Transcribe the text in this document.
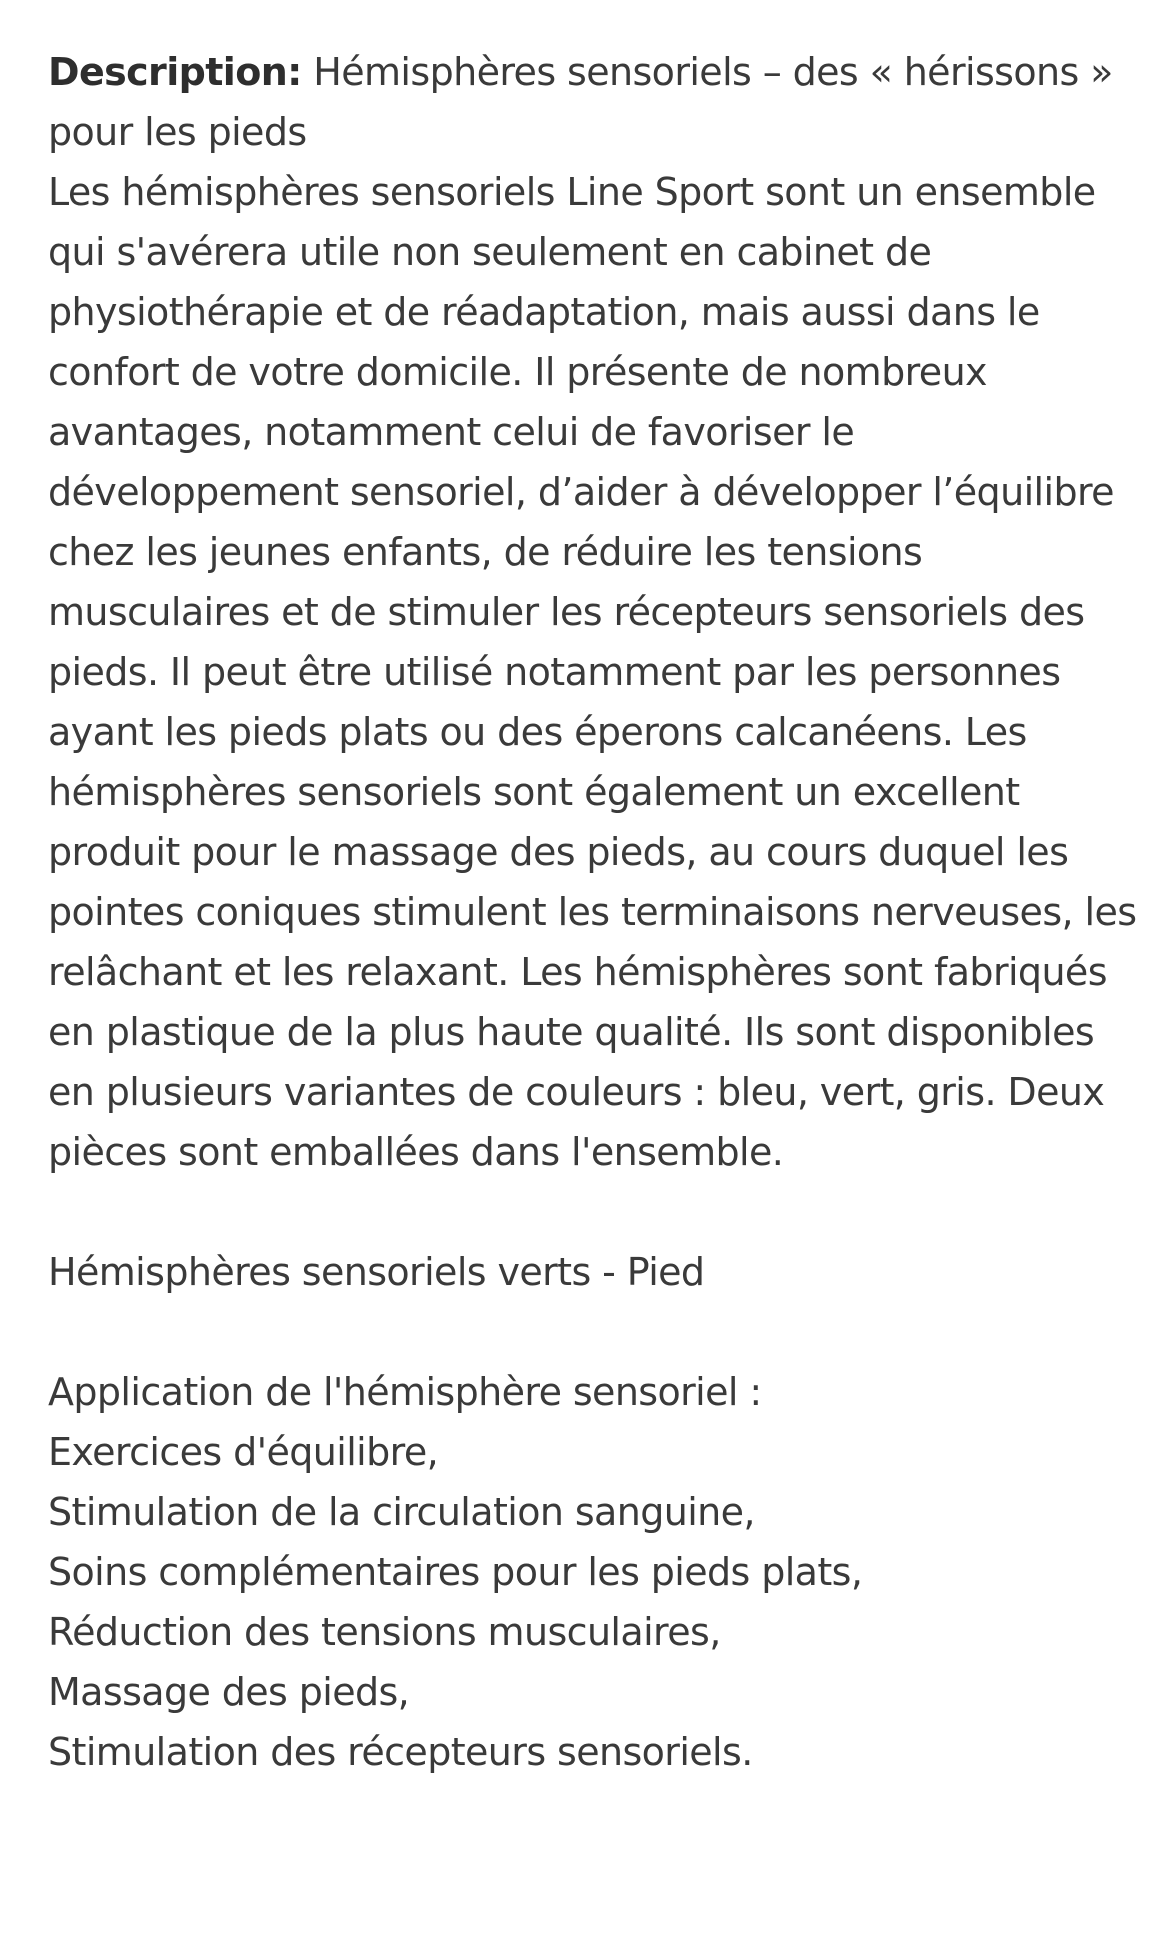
Description: Hémisphères sensoriels – des « hérissons » pour les pieds
Les hémisphères sensoriels Line Sport sont un ensemble qui s'avérera utile non seulement en cabinet de physiothérapie et de réadaptation, mais aussi dans le confort de votre domicile. Il présente de nombreux avantages, notamment celui de favoriser le développement sensoriel, d’aider à développer l’équilibre chez les jeunes enfants, de réduire les tensions musculaires et de stimuler les récepteurs sensoriels des pieds. Il peut être utilisé notamment par les personnes ayant les pieds plats ou des éperons calcanéens. Les hémisphères sensoriels sont également un excellent produit pour le massage des pieds, au cours duquel les pointes coniques stimulent les terminaisons nerveuses, les relâchant et les relaxant. Les hémisphères sont fabriqués en plastique de la plus haute qualité. Ils sont disponibles en plusieurs variantes de couleurs : bleu, vert, gris. Deux pièces sont emballées dans l'ensemble.

Hémisphères sensoriels verts - Pied

Application de l'hémisphère sensoriel :
Exercices d'équilibre,
Stimulation de la circulation sanguine,
Soins complémentaires pour les pieds plats,
Réduction des tensions musculaires,
Massage des pieds,
Stimulation des récepteurs sensoriels.
